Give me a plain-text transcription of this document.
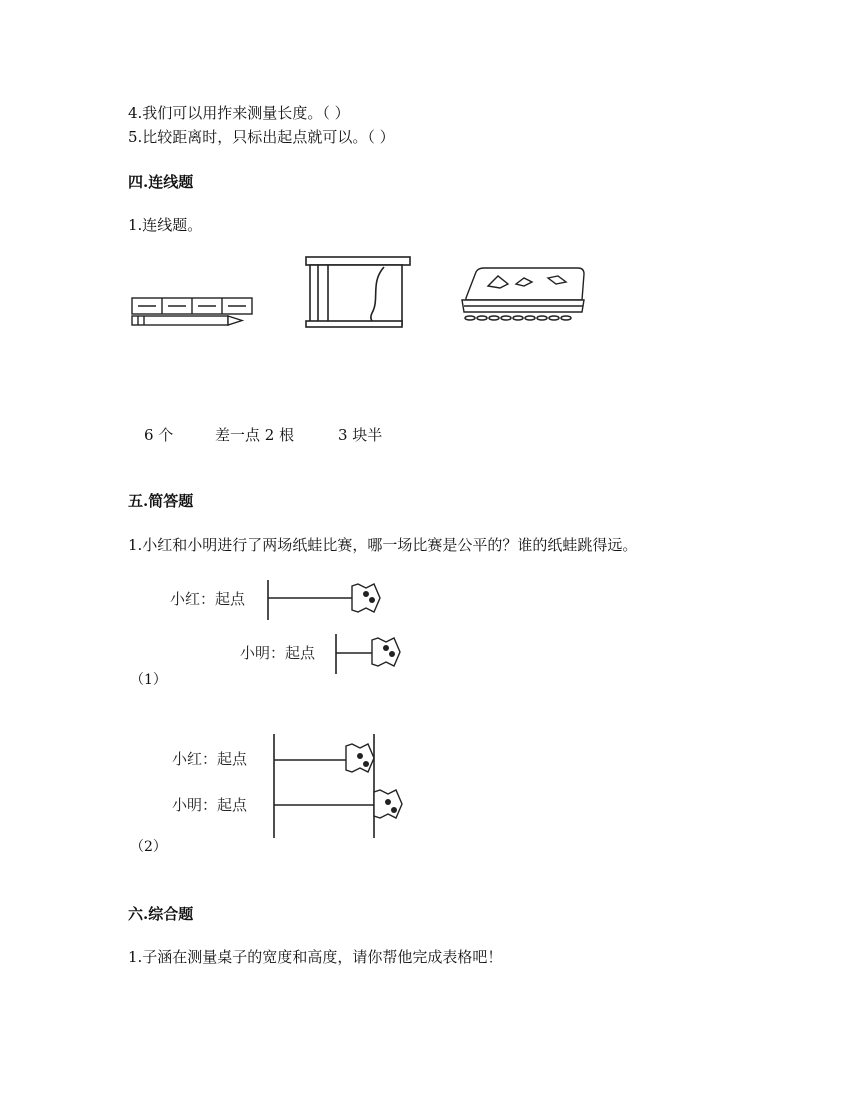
4.我们可以用拃来测量长度。（ ）
5.比较距离时，只标出起点就可以。（ ）
四.连线题
1.连线题。
6 个	差一点 2 根	3 块半
五.简答题
1.小红和小明进行了两场纸蛙比赛，哪一场比赛是公平的？谁的纸蛙跳得远。
小红：起点
小明：起点
（1）
小红：起点
小明：起点
（2）
六.综合题
1.子涵在测量桌子的宽度和高度，请你帮他完成表格吧！
